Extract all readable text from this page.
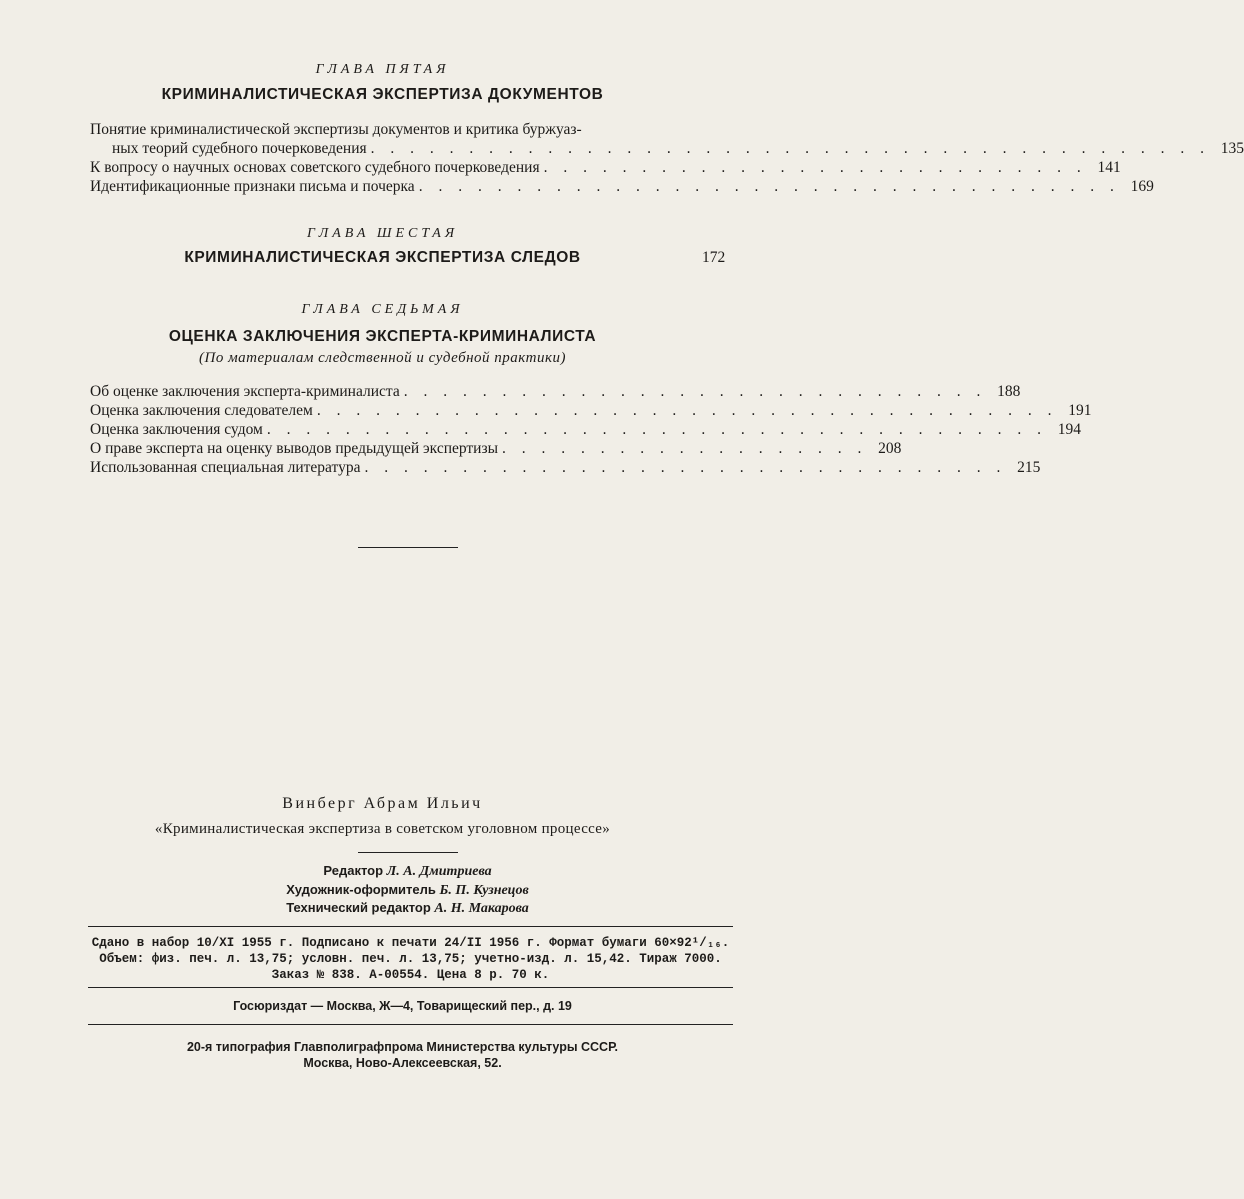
ГЛАВА ПЯТАЯ
КРИМИНАЛИСТИЧЕСКАЯ ЭКСПЕРТИЗА ДОКУМЕНТОВ
Понятие криминалистической экспертизы документов и критика буржуаз-
ных теорий судебного почерковедения . . . . . . . . . . . . . . . . . . . . . . . . . . . . . . . . . . . . . . . . . . . 135
К вопросу о научных основах советского судебного почерковедения . . . . . . . . . . . . . . . . . . . . . . . . . . . . 141
Идентификационные признаки письма и почерка . . . . . . . . . . . . . . . . . . . . . . . . . . . . . . . . . . . . 169
ГЛАВА ШЕСТАЯ
КРИМИНАЛИСТИЧЕСКАЯ ЭКСПЕРТИЗА СЛЕДОВ	172
ГЛАВА СЕДЬМАЯ
ОЦЕНКА ЗАКЛЮЧЕНИЯ ЭКСПЕРТА-КРИМИНАЛИСТА
(По материалам следственной и судебной практики)
Об оценке заключения эксперта-криминалиста . . . . . . . . . . . . . . . . . . . . . . . . . . . . . . 188
Оценка заключения следователем . . . . . . . . . . . . . . . . . . . . . . . . . . . . . . . . . . . . . . 191
Оценка заключения судом . . . . . . . . . . . . . . . . . . . . . . . . . . . . . . . . . . . . . . . . 194
О праве эксперта на оценку выводов предыдущей экспертизы . . . . . . . . . . . . . . . . . . . 208
Использованная специальная литература . . . . . . . . . . . . . . . . . . . . . . . . . . . . . . . . . 215
Винберг Абрам Ильич
«Криминалистическая экспертиза в советском уголовном процессе»
Редактор Л. А. Дмитриева
Художник-оформитель Б. П. Кузнецов
Технический редактор А. Н. Макарова
Сдано в набор 10/XI 1955 г. Подписано к печати 24/II 1956 г. Формат бумаги 60×92¹/₁₆.
Объем: физ. печ. л. 13,75; условн. печ. л. 13,75; учетно-изд. л. 15,42. Тираж 7000.
Заказ № 838. А-00554. Цена 8 р. 70 к.
Госюриздат — Москва, Ж—4, Товарищеский пер., д. 19
20-я типография Главполиграфпрома Министерства культуры СССР.
Москва, Ново-Алексеевская, 52.
